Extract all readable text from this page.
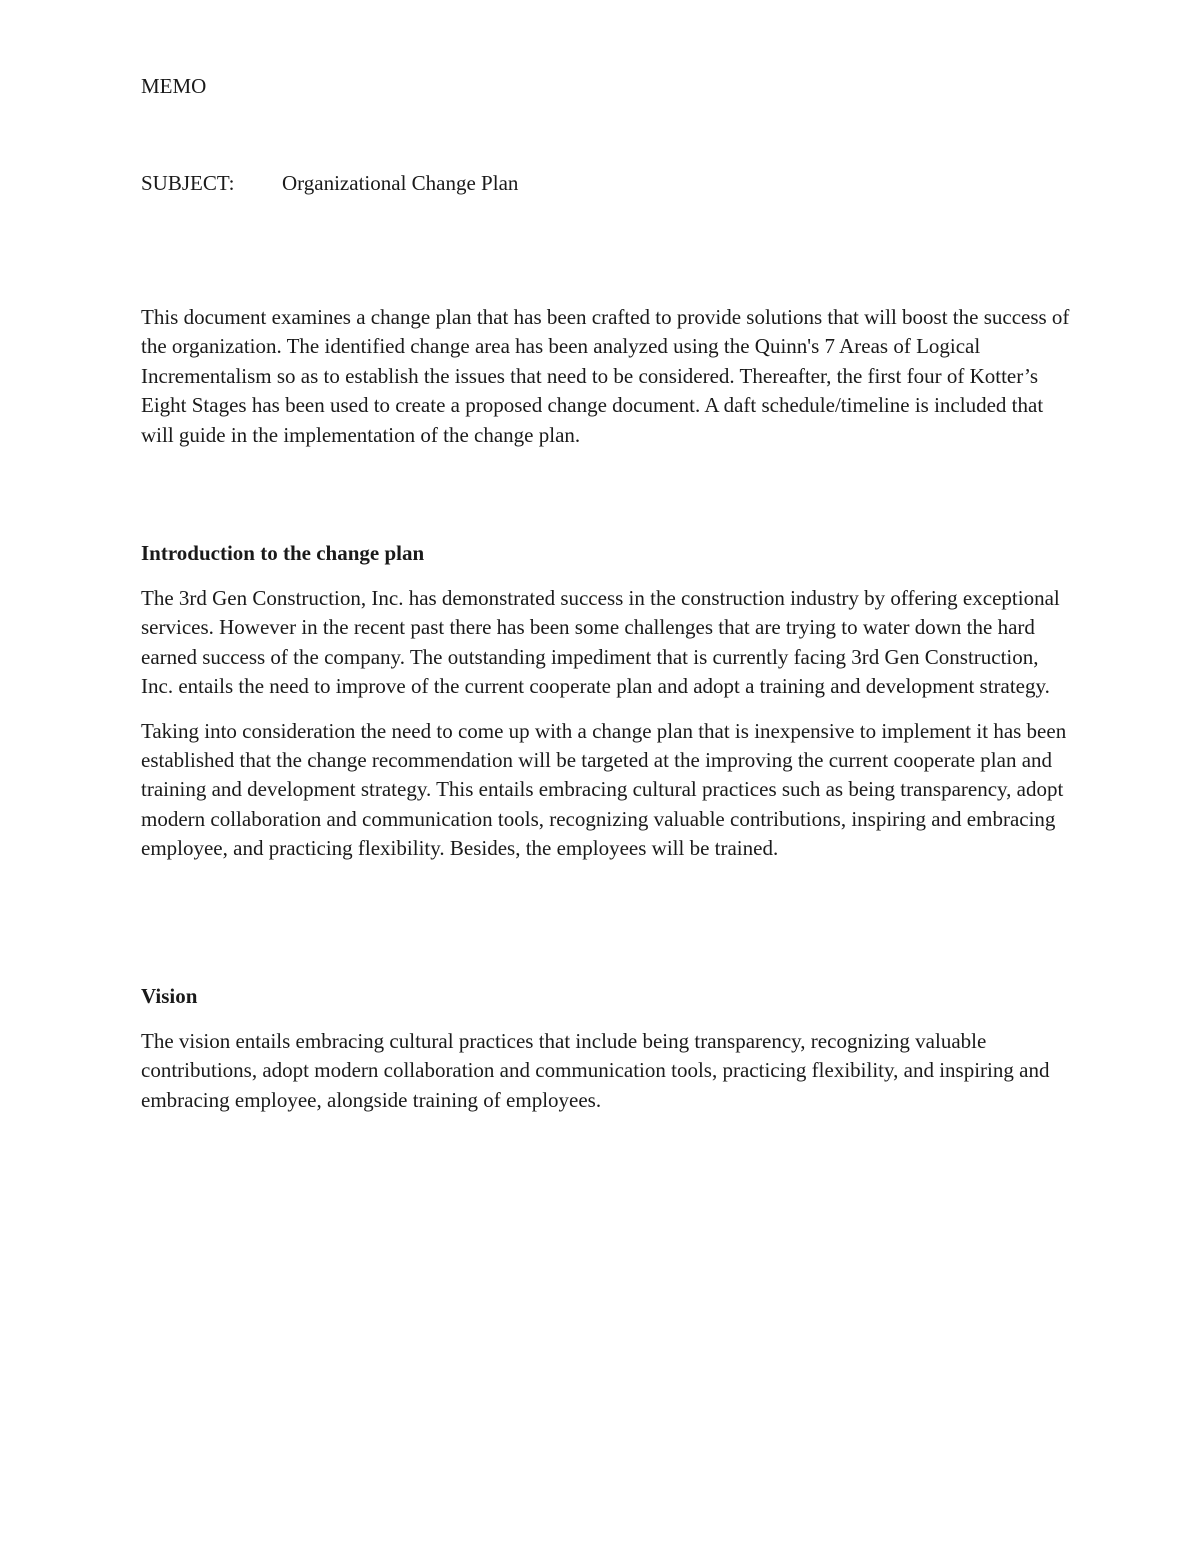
MEMO

SUBJECT: Organizational Change Plan

This document examines a change plan that has been crafted to provide solutions that will boost the success of the organization. The identified change area has been analyzed using the Quinn's 7 Areas of Logical Incrementalism so as to establish the issues that need to be considered. Thereafter, the first four of Kotter’s Eight Stages has been used to create a proposed change document. A daft schedule/timeline is included that will guide in the implementation of the change plan.

Introduction to the change plan

The 3rd Gen Construction, Inc. has demonstrated success in the construction industry by offering exceptional services. However in the recent past there has been some challenges that are trying to water down the hard earned success of the company. The outstanding impediment that is currently facing 3rd Gen Construction, Inc. entails the need to improve of the current cooperate plan and adopt a training and development strategy.

Taking into consideration the need to come up with a change plan that is inexpensive to implement it has been established that the change recommendation will be targeted at the improving the current cooperate plan and training and development strategy. This entails embracing cultural practices such as being transparency, adopt modern collaboration and communication tools, recognizing valuable contributions, inspiring and embracing employee, and practicing flexibility. Besides, the employees will be trained.

Vision

The vision entails embracing cultural practices that include being transparency, recognizing valuable contributions, adopt modern collaboration and communication tools, practicing flexibility, and inspiring and embracing employee, alongside training of employees.
